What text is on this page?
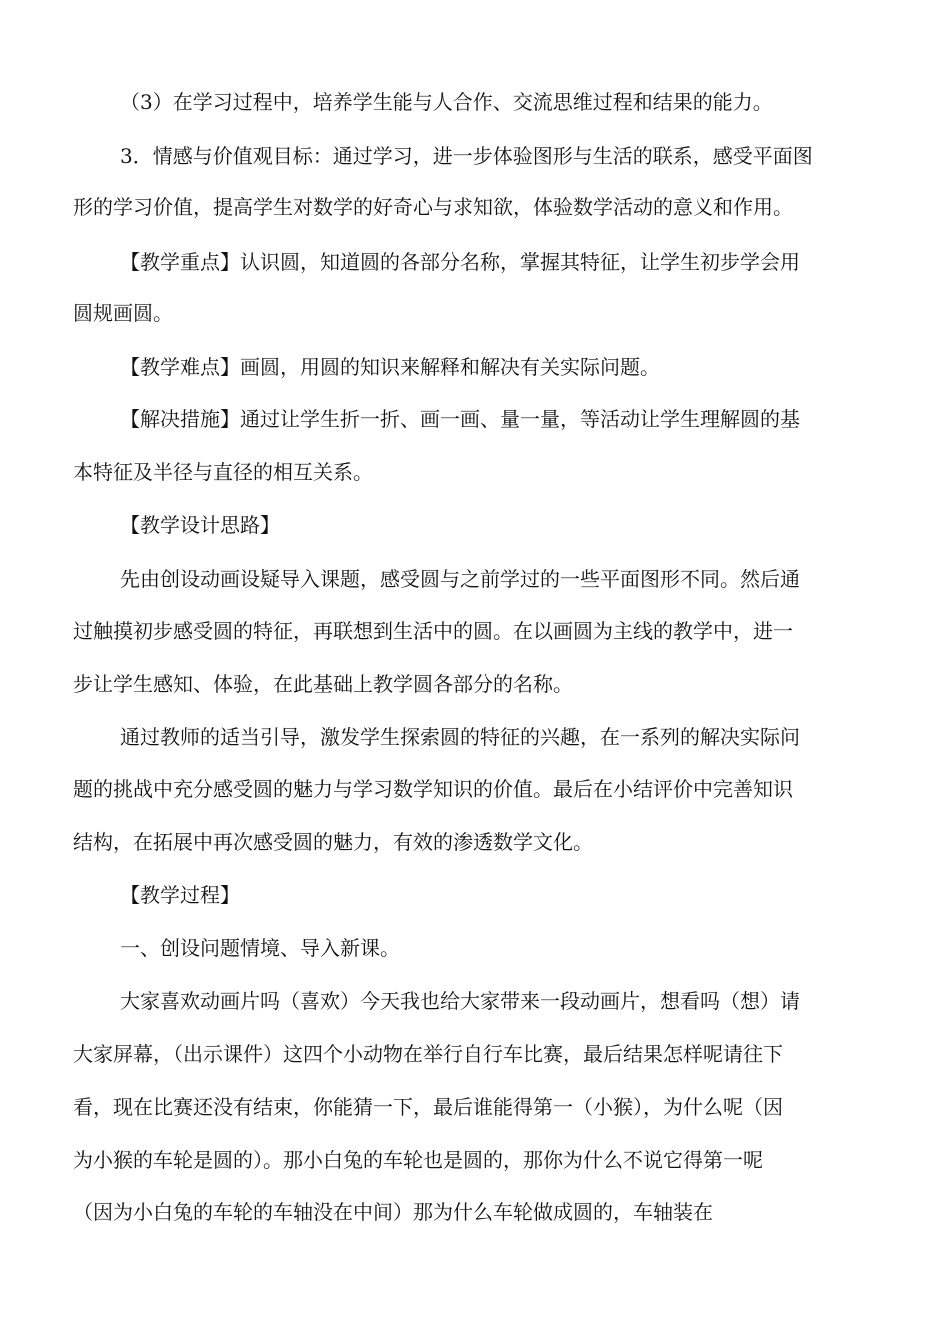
（3）在学习过程中，培养学生能与人合作、交流思维过程和结果的能力。
3．情感与价值观目标：通过学习，进一步体验图形与生活的联系，感受平面图
形的学习价值，提高学生对数学的好奇心与求知欲，体验数学活动的意义和作用。
【教学重点】认识圆，知道圆的各部分名称，掌握其特征，让学生初步学会用
圆规画圆。
【教学难点】画圆，用圆的知识来解释和解决有关实际问题。
【解决措施】通过让学生折一折、画一画、量一量，等活动让学生理解圆的基
本特征及半径与直径的相互关系。
【教学设计思路】
先由创设动画设疑导入课题，感受圆与之前学过的一些平面图形不同。然后通
过触摸初步感受圆的特征，再联想到生活中的圆。在以画圆为主线的教学中，进一
步让学生感知、体验，在此基础上教学圆各部分的名称。
通过教师的适当引导，激发学生探索圆的特征的兴趣，在一系列的解决实际问
题的挑战中充分感受圆的魅力与学习数学知识的价值。最后在小结评价中完善知识
结构，在拓展中再次感受圆的魅力，有效的渗透数学文化。
【教学过程】
一、创设问题情境、导入新课。
大家喜欢动画片吗（喜欢）今天我也给大家带来一段动画片，想看吗（想）请
大家屏幕，（出示课件）这四个小动物在举行自行车比赛，最后结果怎样呢请往下
看，现在比赛还没有结束，你能猜一下，最后谁能得第一（小猴），为什么呢（因
为小猴的车轮是圆的）。那小白兔的车轮也是圆的，那你为什么不说它得第一呢
（因为小白兔的车轮的车轴没在中间）那为什么车轮做成圆的，车轴装在
